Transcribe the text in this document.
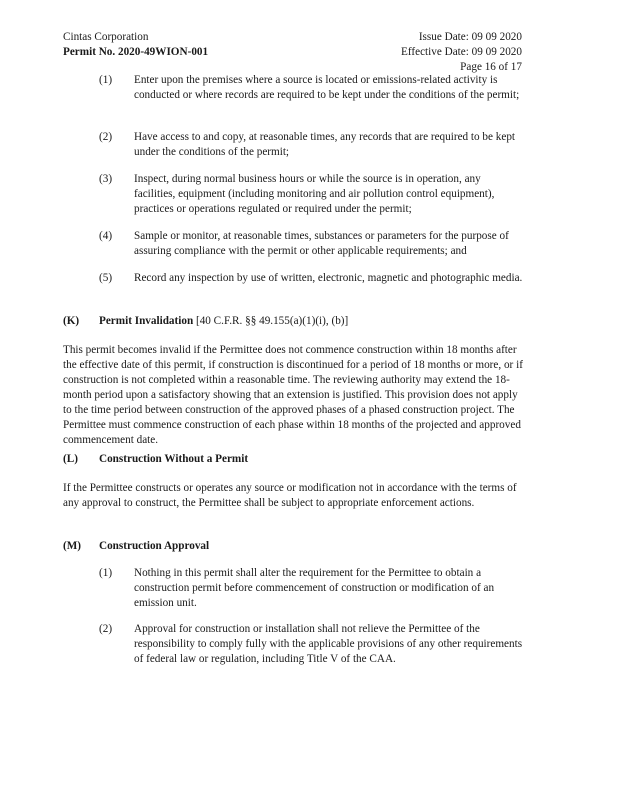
Cintas Corporation
Permit No. 2020-49WION-001
Issue Date: 09 09 2020
Effective Date: 09 09 2020
Page 16 of 17
(1) Enter upon the premises where a source is located or emissions-related activity is conducted or where records are required to be kept under the conditions of the permit;
(2) Have access to and copy, at reasonable times, any records that are required to be kept under the conditions of the permit;
(3) Inspect, during normal business hours or while the source is in operation, any facilities, equipment (including monitoring and air pollution control equipment), practices or operations regulated or required under the permit;
(4) Sample or monitor, at reasonable times, substances or parameters for the purpose of assuring compliance with the permit or other applicable requirements; and
(5) Record any inspection by use of written, electronic, magnetic and photographic media.
(K) Permit Invalidation [40 C.F.R. §§ 49.155(a)(1)(i), (b)]
This permit becomes invalid if the Permittee does not commence construction within 18 months after the effective date of this permit, if construction is discontinued for a period of 18 months or more, or if construction is not completed within a reasonable time. The reviewing authority may extend the 18-month period upon a satisfactory showing that an extension is justified. This provision does not apply to the time period between construction of the approved phases of a phased construction project. The Permittee must commence construction of each phase within 18 months of the projected and approved commencement date.
(L) Construction Without a Permit
If the Permittee constructs or operates any source or modification not in accordance with the terms of any approval to construct, the Permittee shall be subject to appropriate enforcement actions.
(M) Construction Approval
(1) Nothing in this permit shall alter the requirement for the Permittee to obtain a construction permit before commencement of construction or modification of an emission unit.
(2) Approval for construction or installation shall not relieve the Permittee of the responsibility to comply fully with the applicable provisions of any other requirements of federal law or regulation, including Title V of the CAA.
